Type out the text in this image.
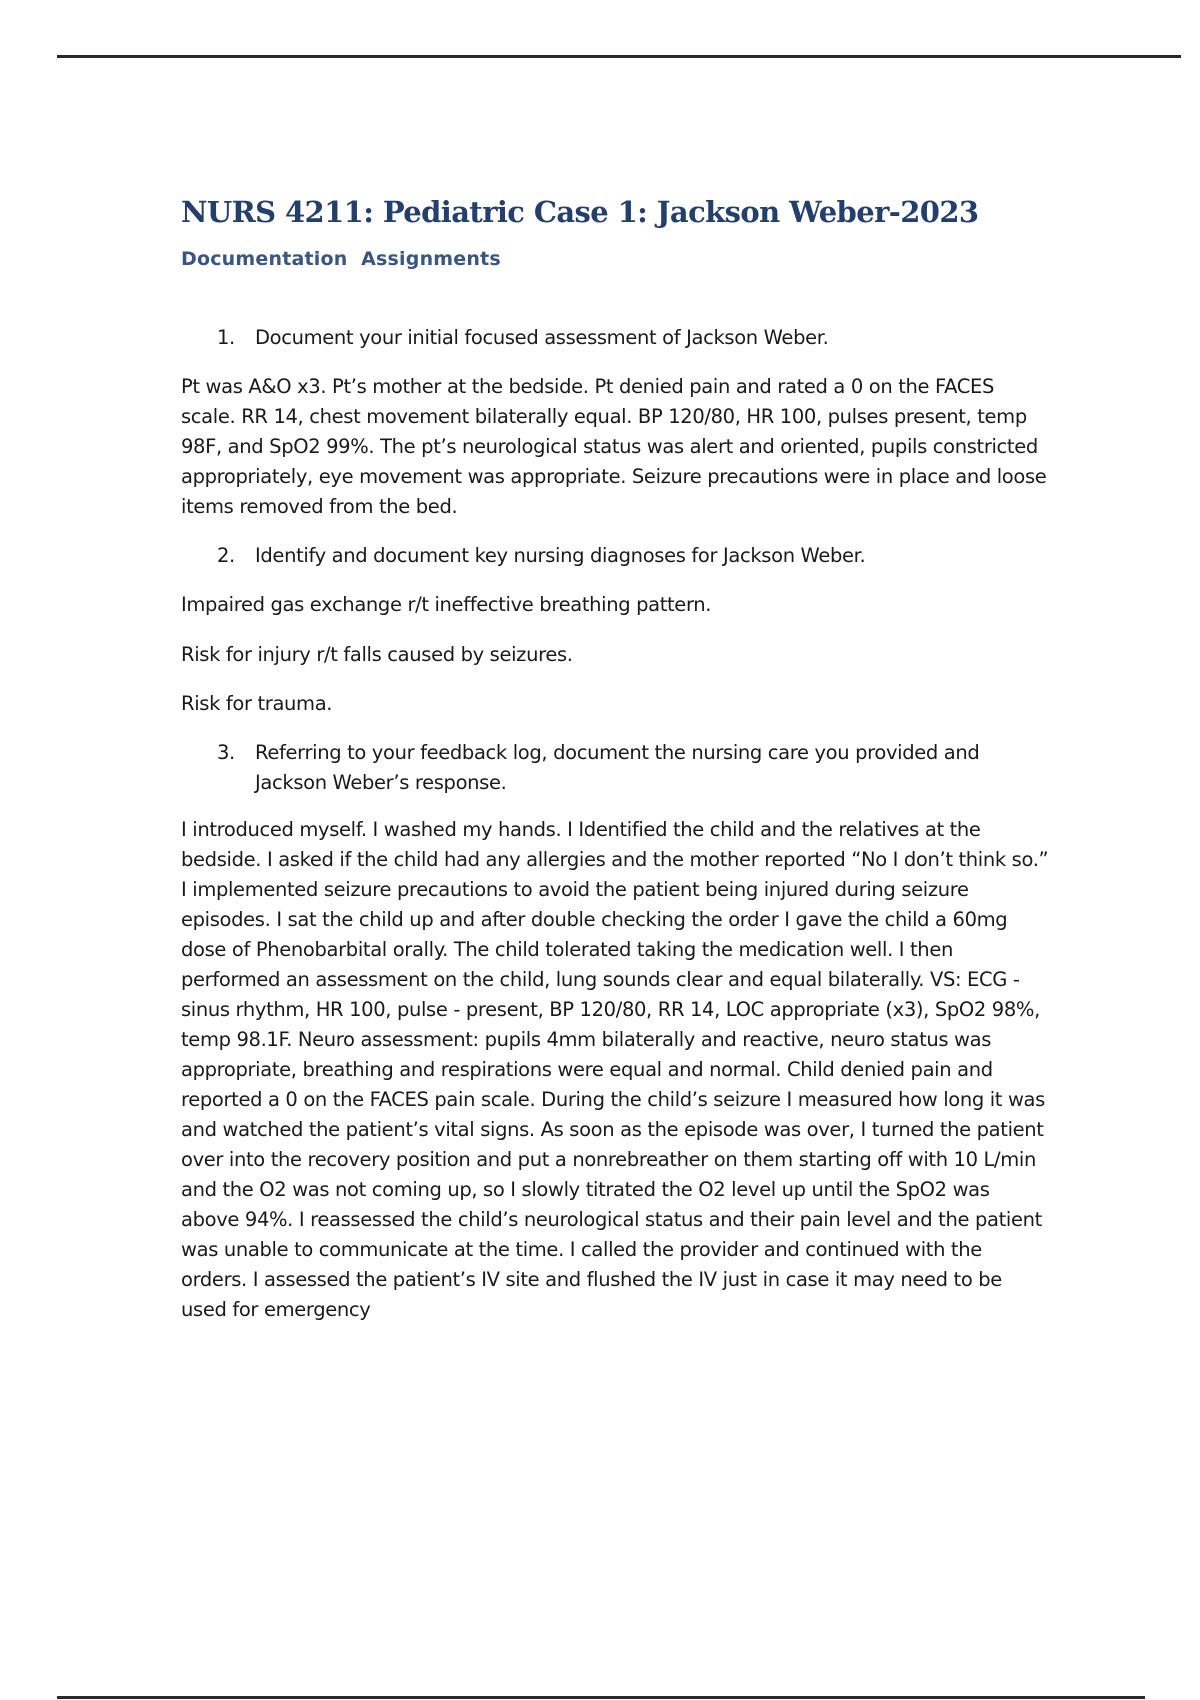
NURS 4211: Pediatric Case 1: Jackson Weber-2023
Documentation  Assignments

1. Document your initial focused assessment of Jackson Weber.

Pt was A&O x3. Pt’s mother at the bedside. Pt denied pain and rated a 0 on the FACES scale. RR 14, chest movement bilaterally equal. BP 120/80, HR 100, pulses present, temp 98F, and SpO2 99%. The pt’s neurological status was alert and oriented, pupils constricted appropriately, eye movement was appropriate. Seizure precautions were in place and loose items removed from the bed.

2. Identify and document key nursing diagnoses for Jackson Weber.

Impaired gas exchange r/t ineffective breathing pattern.

Risk for injury r/t falls caused by seizures.

Risk for trauma.

3. Referring to your feedback log, document the nursing care you provided and Jackson Weber’s response.

I introduced myself. I washed my hands. I Identified the child and the relatives at the bedside. I asked if the child had any allergies and the mother reported “No I don’t think so.” I implemented seizure precautions to avoid the patient being injured during seizure episodes. I sat the child up and after double checking the order I gave the child a 60mg dose of Phenobarbital orally. The child tolerated taking the medication well. I then performed an assessment on the child, lung sounds clear and equal bilaterally. VS: ECG - sinus rhythm, HR 100, pulse - present, BP 120/80, RR 14, LOC appropriate (x3), SpO2 98%, temp 98.1F. Neuro assessment: pupils 4mm bilaterally and reactive, neuro status was appropriate, breathing and respirations were equal and normal. Child denied pain and reported a 0 on the FACES pain scale. During the child’s seizure I measured how long it was and watched the patient’s vital signs. As soon as the episode was over, I turned the patient over into the recovery position and put a nonrebreather on them starting off with 10 L/min and the O2 was not coming up, so I slowly titrated the O2 level up until the SpO2 was above 94%. I reassessed the child’s neurological status and their pain level and the patient was unable to communicate at the time. I called the provider and continued with the orders. I assessed the patient’s IV site and flushed the IV just in case it may need to be used for emergency
